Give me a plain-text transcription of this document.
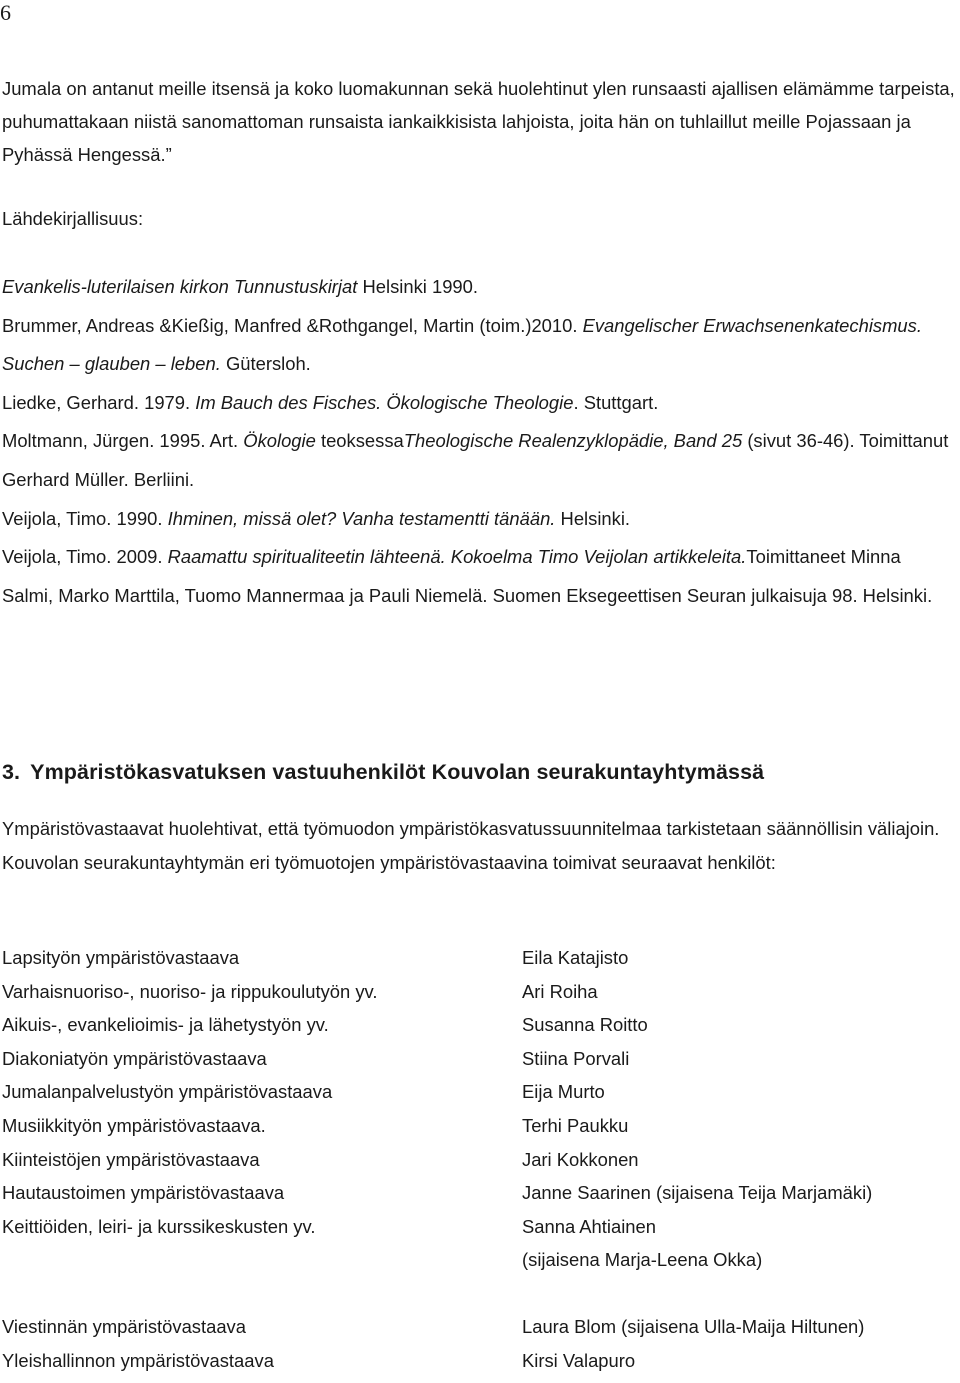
6
Jumala on antanut meille itsensä ja koko luomakunnan sekä huolehtinut ylen runsaasti ajallisen elämämme tarpeista, puhumattakaan niistä sanomattoman runsaista iankaikkisista lahjoista, joita hän on tuhlaillut meille Pojassaan ja Pyhässä Hengessä.”
Lähdekirjallisuus:

Evankelis-luterilaisen kirkon Tunnustuskirjat Helsinki 1990.

Brummer, Andreas &Kießig, Manfred &Rothgangel, Martin (toim.)2010. Evangelischer Erwachsenenkatechismus. Suchen – glauben – leben. Gütersloh.

Liedke, Gerhard. 1979. Im Bauch des Fisches. Ökologische Theologie. Stuttgart.

Moltmann, Jürgen. 1995. Art. Ökologie teoksessaTheologische Realenzyklopädie, Band 25 (sivut 36-46). Toimittanut Gerhard Müller. Berliini.

Veijola, Timo. 1990. Ihminen, missä olet? Vanha testamentti tänään. Helsinki.

Veijola, Timo. 2009. Raamattu spiritualiteetin lähteenä. Kokoelma Timo Veijolan artikkeleita.Toimittaneet Minna Salmi, Marko Marttila, Tuomo Mannermaa ja Pauli Niemelä. Suomen Eksegeettisen Seuran julkaisuja 98. Helsinki.

3. Ympäristökasvatuksen vastuuhenkilöt Kouvolan seurakuntayhtymässä
Ympäristövastaavat huolehtivat, että työmuodon ympäristökasvatussuunnitelmaa tarkistetaan säännöllisin väliajoin. Kouvolan seurakuntayhtymän eri työmuotojen ympäristövastaavina toimivat seuraavat henkilöt:
Lapsityön ympäristövastaava	Eila Katajisto
Varhaisnuoriso-, nuoriso- ja rippukoulutyön yv.	Ari Roiha
Aikuis-, evankelioimis- ja lähetystyön yv.	Susanna Roitto
Diakoniatyön ympäristövastaava	Stiina Porvali
Jumalanpalvelustyön ympäristövastaava	Eija Murto
Musiikkityön ympäristövastaava.	Terhi Paukku
Kiinteistöjen ympäristövastaava	Jari Kokkonen
Hautaustoimen ympäristövastaava	Janne Saarinen (sijaisena Teija Marjamäki)
Keittiöiden, leiri- ja kurssikeskusten yv.	Sanna Ahtiainen
(sijaisena Marja-Leena Okka)
Viestinnän ympäristövastaava	Laura Blom (sijaisena Ulla-Maija Hiltunen)
Yleishallinnon ympäristövastaava	Kirsi Valapuro
